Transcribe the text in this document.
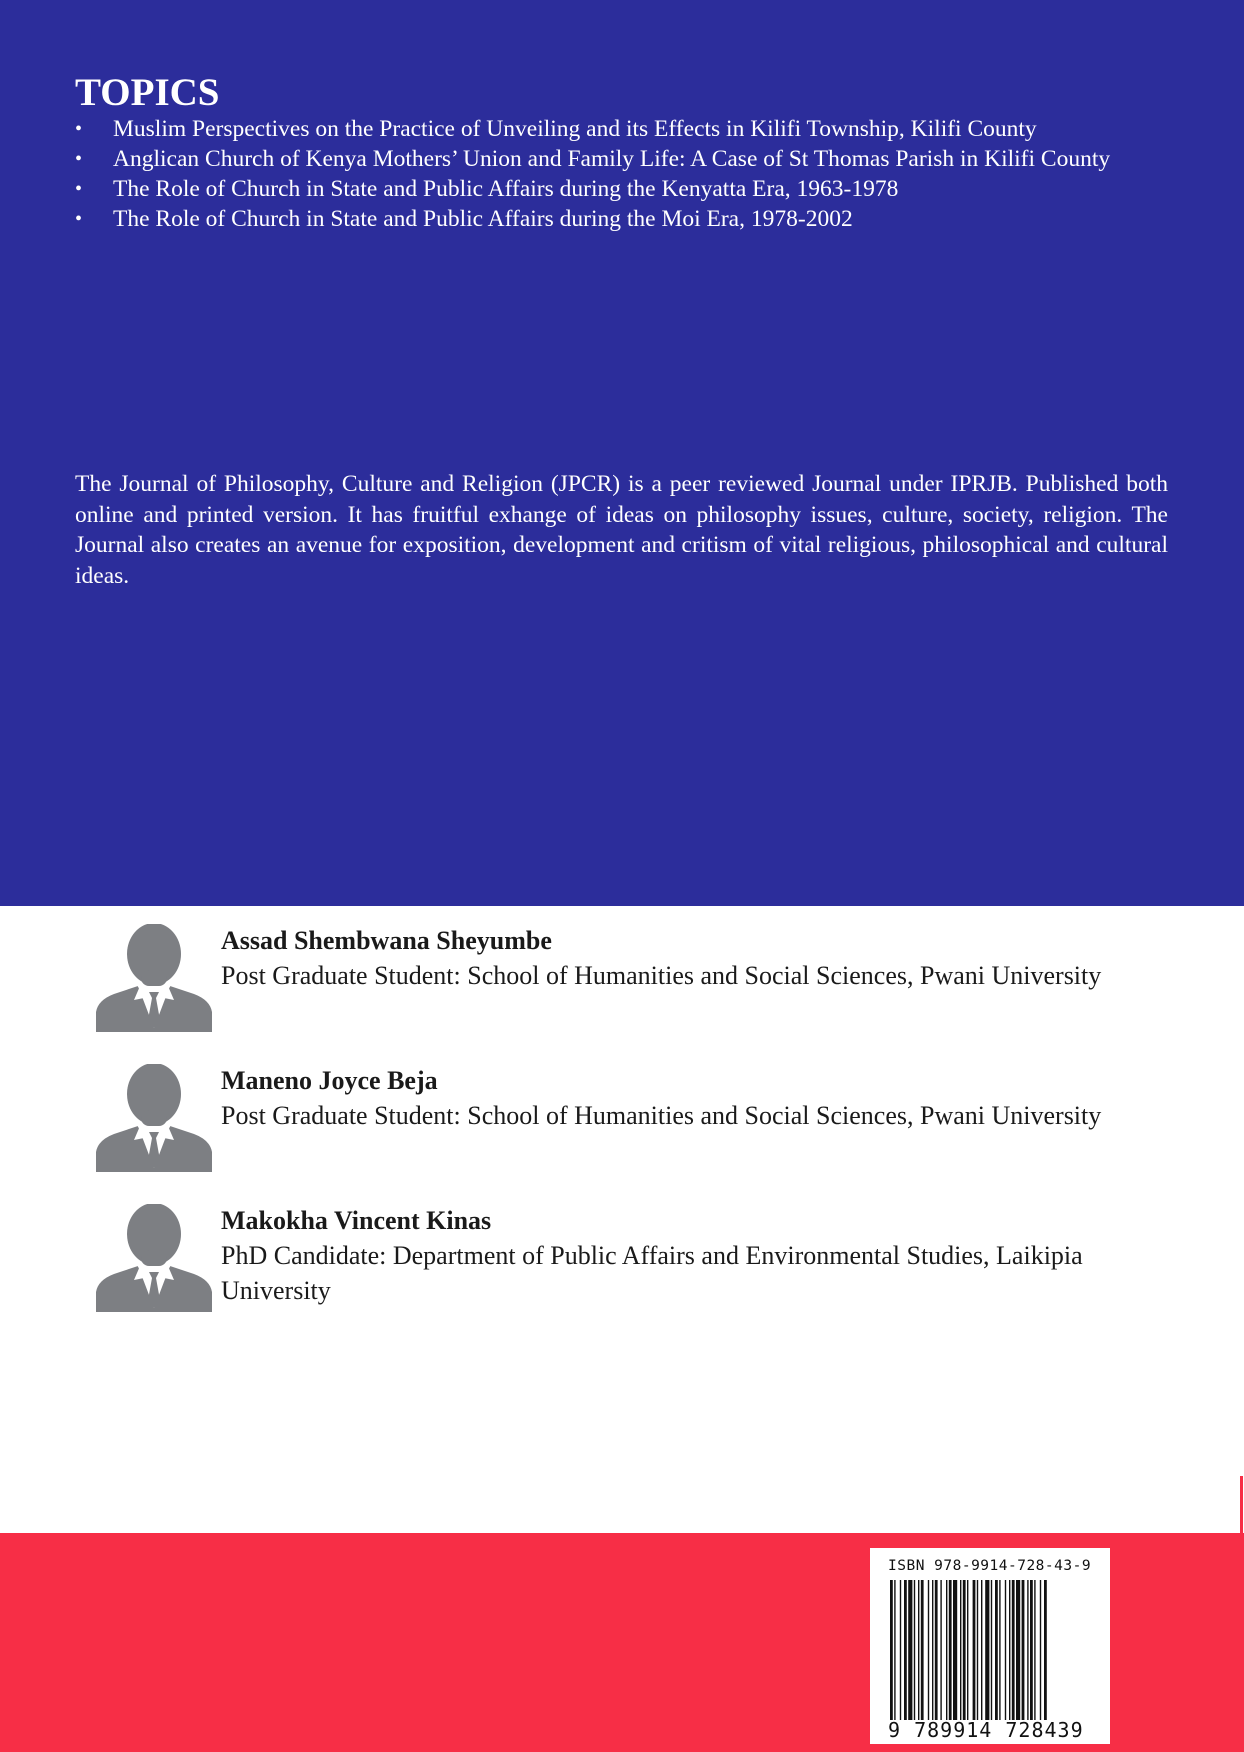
TOPICS
• Muslim Perspectives on the Practice of Unveiling and its Effects in Kilifi Township, Kilifi County
• Anglican Church of Kenya Mothers’ Union and Family Life: A Case of St Thomas Parish in Kilifi County
• The Role of Church in State and Public Affairs during the Kenyatta Era, 1963-1978
• The Role of Church in State and Public Affairs during the Moi Era, 1978-2002

The Journal of Philosophy, Culture and Religion (JPCR) is a peer reviewed Journal under IPRJB. Published both online and printed version. It has fruitful exhange of ideas on philosophy issues, culture, society, religion. The Journal also creates an avenue for exposition, development and critism of vital religious, philosophical and cultural ideas.

Assad Shembwana Sheyumbe
Post Graduate Student: School of Humanities and Social Sciences, Pwani University
Maneno Joyce Beja
Post Graduate Student: School of Humanities and Social Sciences, Pwani University
Makokha Vincent Kinas
PhD Candidate: Department of Public Affairs and Environmental Studies, Laikipia University
ISBN 978-9914-728-43-9
9 789914 728439
